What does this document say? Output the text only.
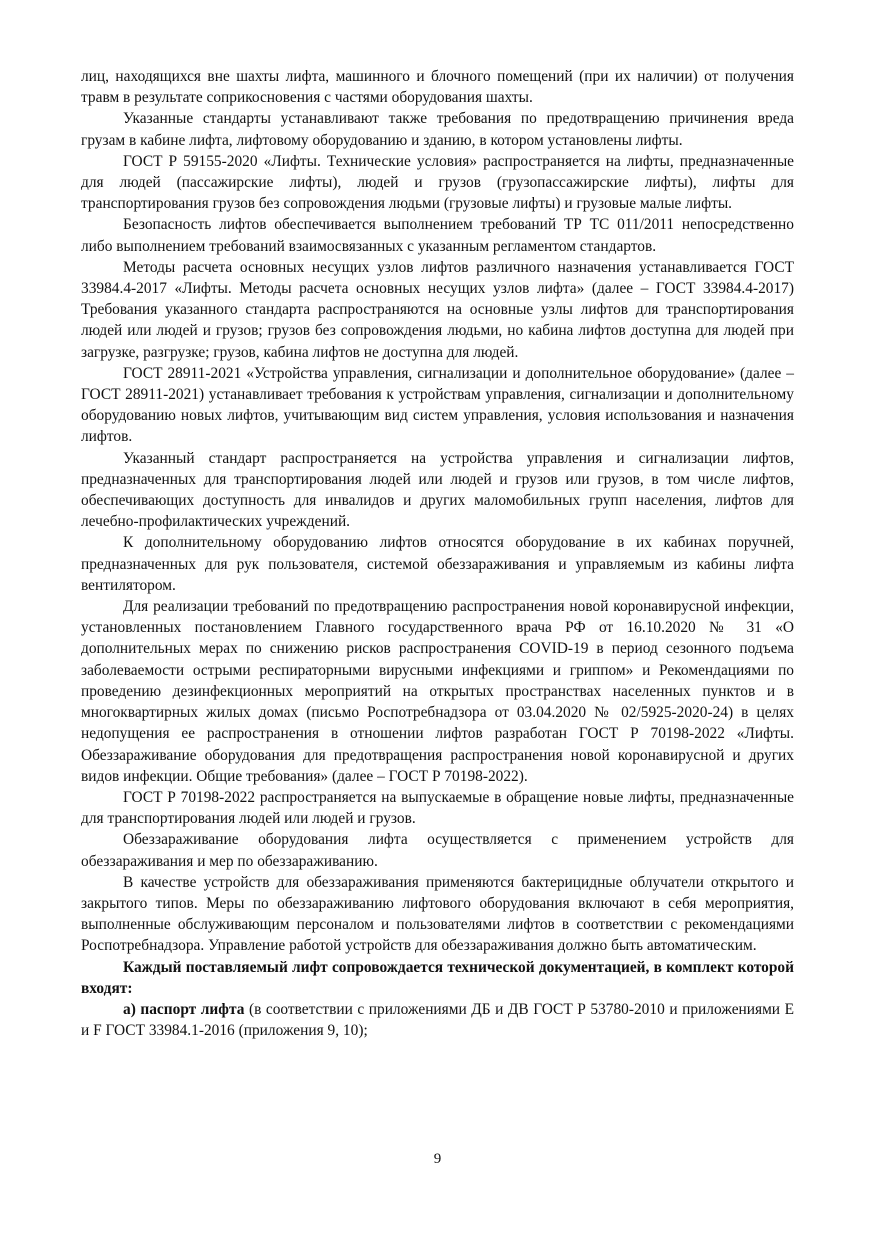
лиц, находящихся вне шахты лифта, машинного и блочного помещений (при их наличии) от получения травм в результате соприкосновения с частями оборудования шахты.

Указанные стандарты устанавливают также требования по предотвращению причинения вреда грузам в кабине лифта, лифтовому оборудованию и зданию, в котором установлены лифты.

ГОСТ Р 59155-2020 «Лифты. Технические условия» распространяется на лифты, предназначенные для людей (пассажирские лифты), людей и грузов (грузопассажирские лифты), лифты для транспортирования грузов без сопровождения людьми (грузовые лифты) и грузовые малые лифты.

Безопасность лифтов обеспечивается выполнением требований ТР ТС 011/2011 непосредственно либо выполнением требований взаимосвязанных с указанным регламентом стандартов.

Методы расчета основных несущих узлов лифтов различного назначения устанавливается ГОСТ 33984.4-2017 «Лифты. Методы расчета основных несущих узлов лифта» (далее – ГОСТ 33984.4-2017) Требования указанного стандарта распространяются на основные узлы лифтов для транспортирования людей или людей и грузов; грузов без сопровождения людьми, но кабина лифтов доступна для людей при загрузке, разгрузке; грузов, кабина лифтов не доступна для людей.

ГОСТ 28911-2021 «Устройства управления, сигнализации и дополнительное оборудование» (далее – ГОСТ 28911-2021) устанавливает требования к устройствам управления, сигнализации и дополнительному оборудованию новых лифтов, учитывающим вид систем управления, условия использования и назначения лифтов.

Указанный стандарт распространяется на устройства управления и сигнализации лифтов, предназначенных для транспортирования людей или людей и грузов или грузов, в том числе лифтов, обеспечивающих доступность для инвалидов и других маломобильных групп населения, лифтов для лечебно-профилактических учреждений.

К дополнительному оборудованию лифтов относятся оборудование в их кабинах поручней, предназначенных для рук пользователя, системой обеззараживания и управляемым из кабины лифта вентилятором.

Для реализации требований по предотвращению распространения новой коронавирусной инфекции, установленных постановлением Главного государственного врача РФ от 16.10.2020 № 31 «О дополнительных мерах по снижению рисков распространения COVID-19 в период сезонного подъема заболеваемости острыми респираторными вирусными инфекциями и гриппом» и Рекомендациями по проведению дезинфекционных мероприятий на открытых пространствах населенных пунктов и в многоквартирных жилых домах (письмо Роспотребнадзора от 03.04.2020 № 02/5925-2020-24) в целях недопущения ее распространения в отношении лифтов разработан ГОСТ Р 70198-2022 «Лифты. Обеззараживание оборудования для предотвращения распространения новой коронавирусной и других видов инфекции. Общие требования» (далее – ГОСТ Р 70198-2022).

ГОСТ Р 70198-2022 распространяется на выпускаемые в обращение новые лифты, предназначенные для транспортирования людей или людей и грузов.

Обеззараживание оборудования лифта осуществляется с применением устройств для обеззараживания и мер по обеззараживанию.

В качестве устройств для обеззараживания применяются бактерицидные облучатели открытого и закрытого типов. Меры по обеззараживанию лифтового оборудования включают в себя мероприятия, выполненные обслуживающим персоналом и пользователями лифтов в соответствии с рекомендациями Роспотребнадзора. Управление работой устройств для обеззараживания должно быть автоматическим.

Каждый поставляемый лифт сопровождается технической документацией, в комплект которой входят:

а) паспорт лифта (в соответствии с приложениями ДБ и ДВ ГОСТ Р 53780-2010 и приложениями Е и F ГОСТ 33984.1-2016 (приложения 9, 10);

9
